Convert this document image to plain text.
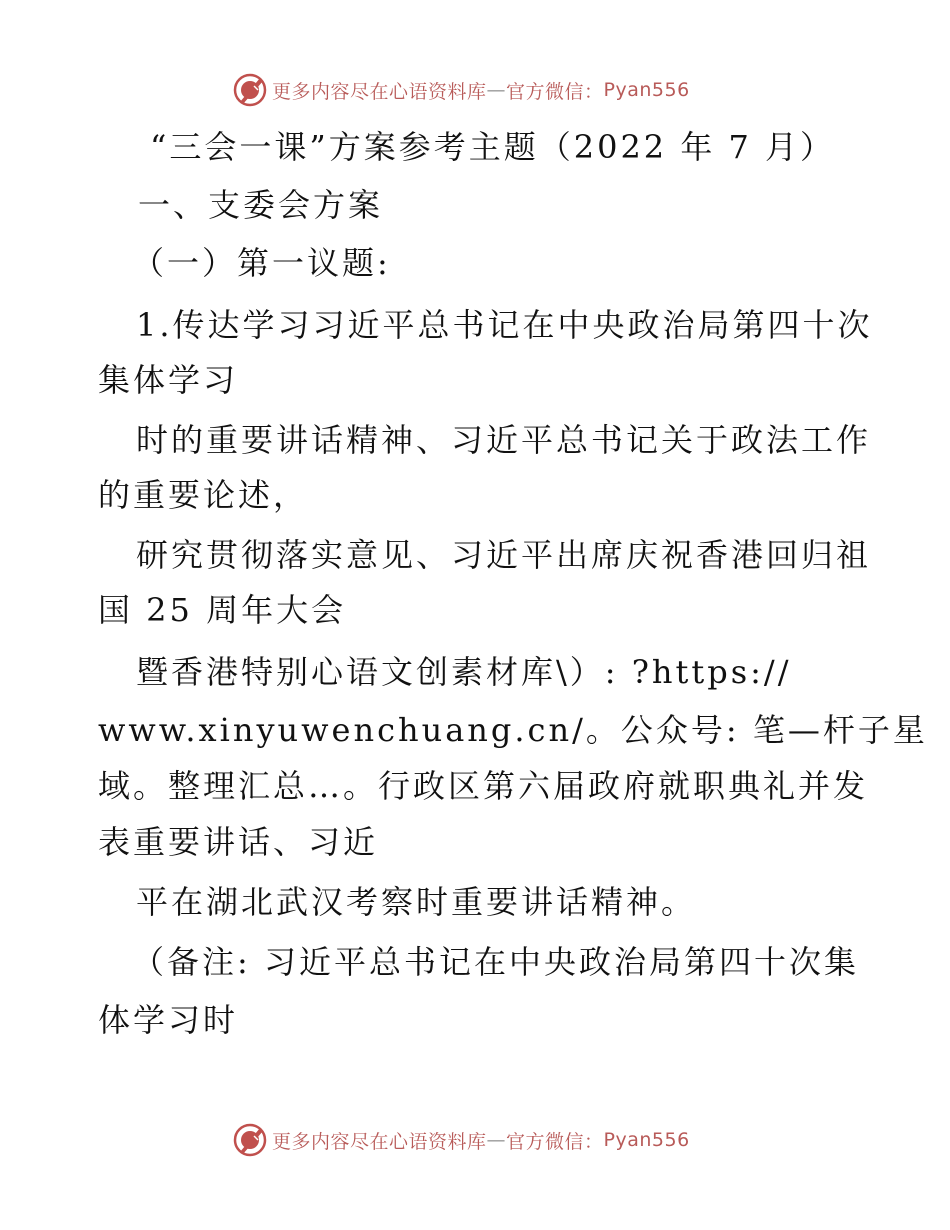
更多内容尽在心语资料库 — 官方微信： Pyan556
“三会一课”方案参考主题（2022 年 7 月）
一、支委会方案
（一）第一议题:
1.传达学习习近平总书记在中央政治局第四十次
集体学习
时的重要讲话精神、习近平总书记关于政法工作
的重要论述，
研究贯彻落实意见、习近平出席庆祝香港回归祖
国 25 周年大会
暨香港特别心语文创素材库\）: ?https://
www.xinyuwenchuang.cn/。公众号: 笔—杆子星
域。整理汇总…。行政区第六届政府就职典礼并发
表重要讲话、习近
平在湖北武汉考察时重要讲话精神。
（备注: 习近平总书记在中央政治局第四十次集
体学习时
更多内容尽在心语资料库 — 官方微信： Pyan556
